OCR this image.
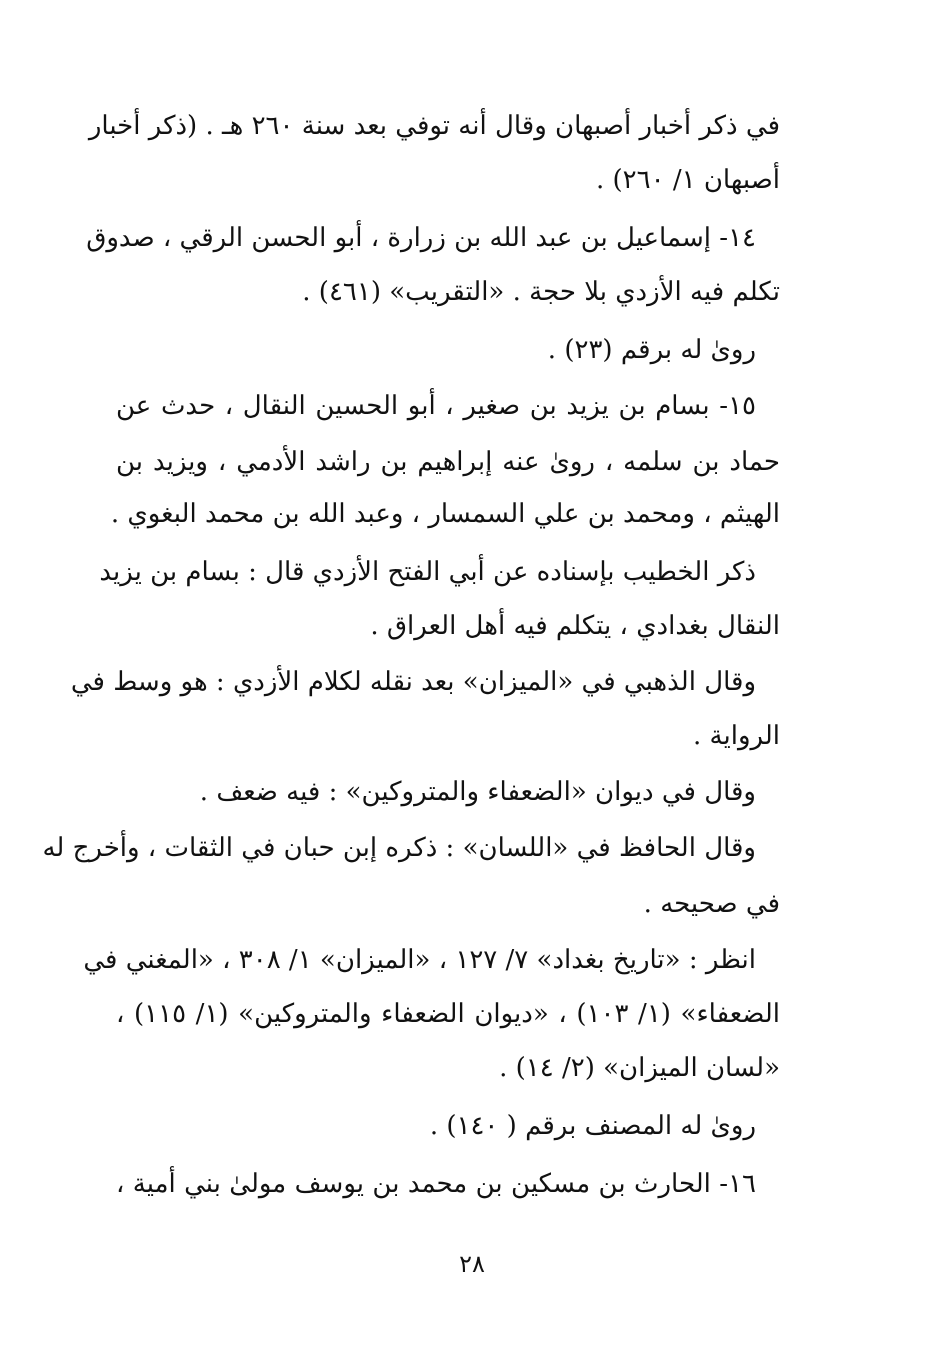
في ذكر أخبار أصبهان وقال أنه توفي بعد سنة ٢٦٠ هـ . (ذكر أخبار
أصبهان ١/ ٢٦٠) .
١٤- إسماعيل بن عبد الله بن زرارة ، أبو الحسن الرقي ، صدوق
تكلم فيه الأزدي بلا حجة . «التقريب» (٤٦١) .
روىٰ له برقم (٢٣) .
١٥- بسام بن يزيد بن صغير ، أبو الحسين النقال ، حدث عن
حماد بن سلمه ، روىٰ عنه إبراهيم بن راشد الأدمي ، ويزيد بن
الهيثم ، ومحمد بن علي السمسار ، وعبد الله بن محمد البغوي .
ذكر الخطيب بإسناده عن أبي الفتح الأزدي قال : بسام بن يزيد
النقال بغدادي ، يتكلم فيه أهل العراق .
وقال الذهبي في «الميزان» بعد نقله لكلام الأزدي : هو وسط في
الرواية .
وقال في ديوان «الضعفاء والمتروكين» : فيه ضعف .
وقال الحافظ في «اللسان» : ذكره إبن حبان في الثقات ، وأخرج له
في صحيحه .
انظر : «تاريخ بغداد» ٧/ ١٢٧ ، «الميزان» ١/ ٣٠٨ ، «المغني في
الضعفاء» (١/ ١٠٣) ، «ديوان الضعفاء والمتروكين» (١/ ١١٥) ،
«لسان الميزان» (٢/ ١٤) .
روىٰ له المصنف برقم ( ١٤٠) .
١٦- الحارث بن مسكين بن محمد بن يوسف مولىٰ بني أمية ،
٢٨
